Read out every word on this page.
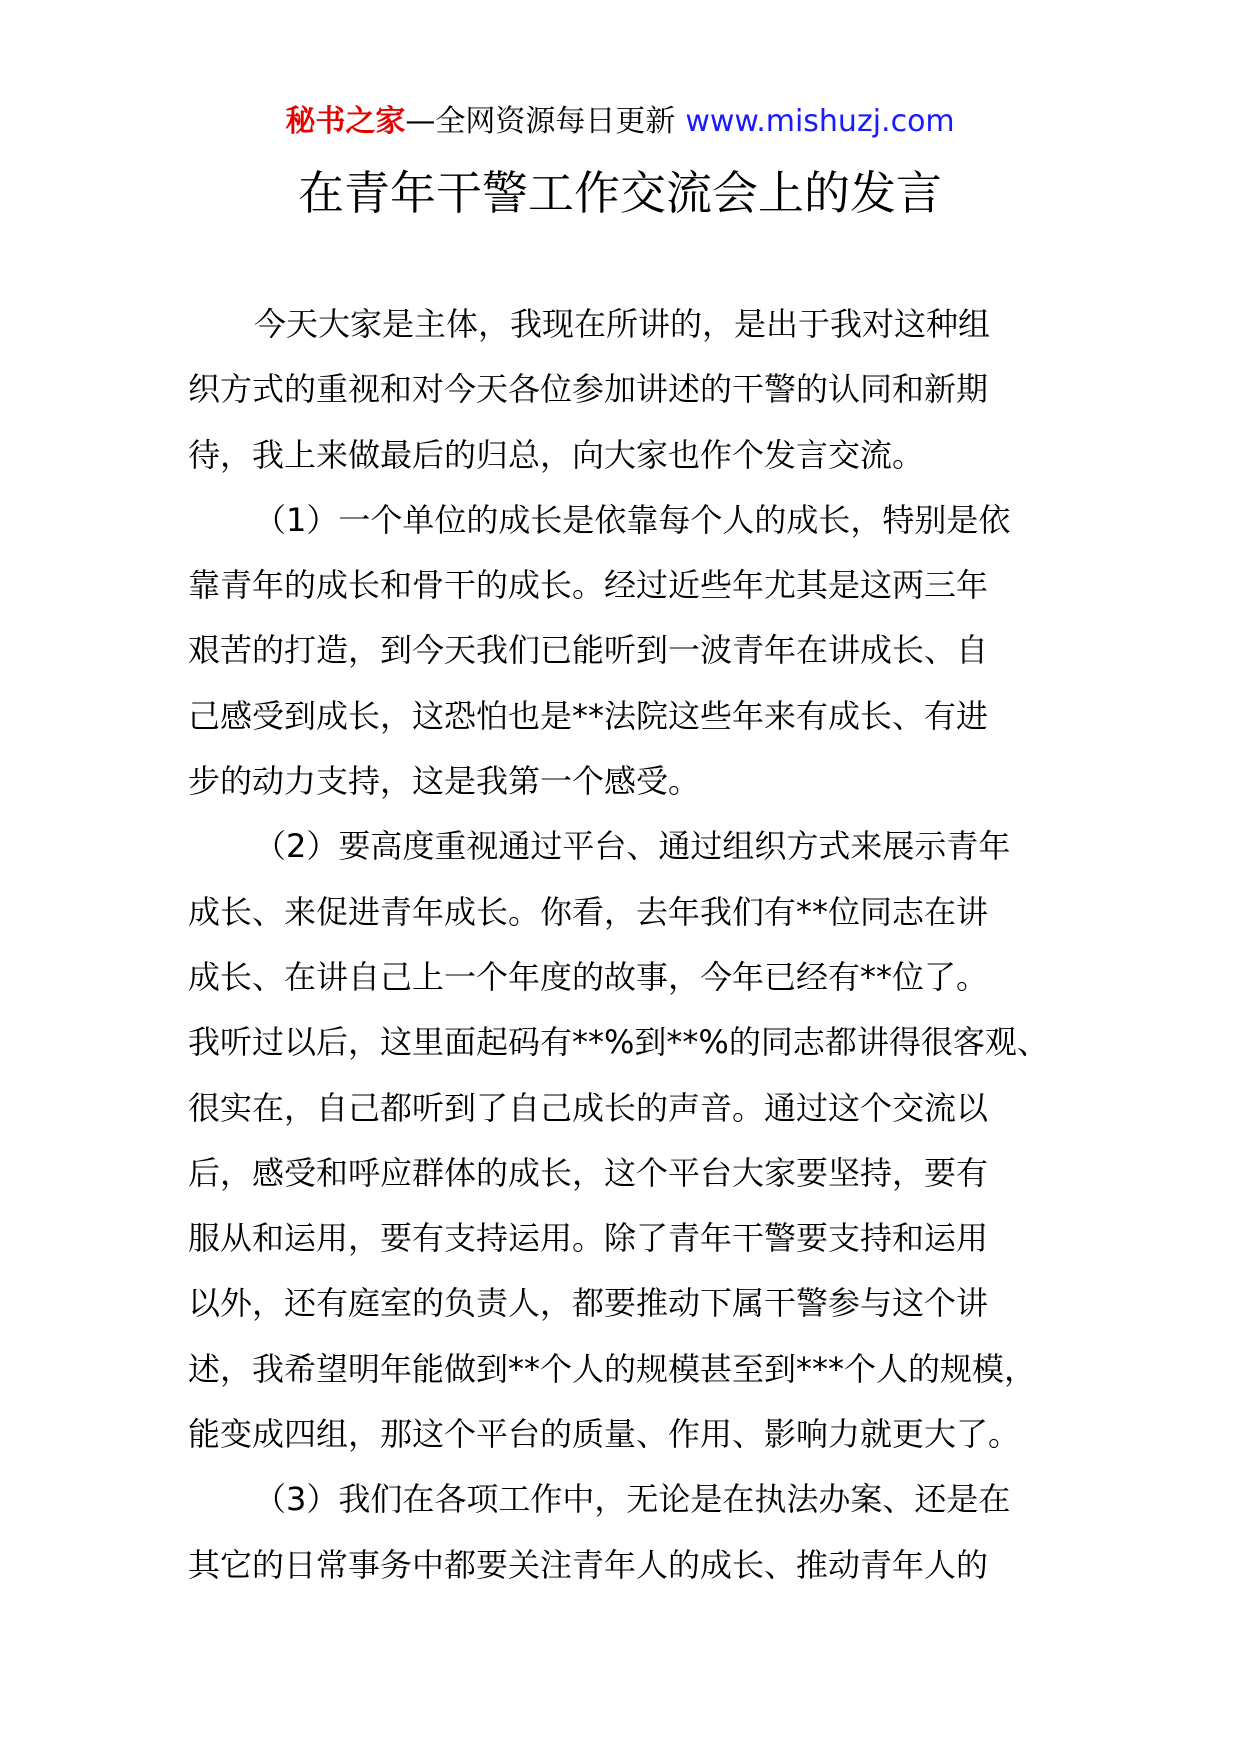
秘书之家—全网资源每日更新 www.mishuzj.com
在青年干警工作交流会上的发言

今天大家是主体，我现在所讲的，是出于我对这种组
织方式的重视和对今天各位参加讲述的干警的认同和新期
待，我上来做最后的归总，向大家也作个发言交流。

（1）一个单位的成长是依靠每个人的成长，特别是依
靠青年的成长和骨干的成长。经过近些年尤其是这两三年
艰苦的打造，到今天我们已能听到一波青年在讲成长、自
己感受到成长，这恐怕也是**法院这些年来有成长、有进
步的动力支持，这是我第一个感受。

（2）要高度重视通过平台、通过组织方式来展示青年
成长、来促进青年成长。你看，去年我们有**位同志在讲
成长、在讲自己上一个年度的故事，今年已经有**位了。
我听过以后，这里面起码有**%到**%的同志都讲得很客观、
很实在，自己都听到了自己成长的声音。通过这个交流以
后，感受和呼应群体的成长，这个平台大家要坚持，要有
服从和运用，要有支持运用。除了青年干警要支持和运用
以外，还有庭室的负责人，都要推动下属干警参与这个讲
述，我希望明年能做到**个人的规模甚至到***个人的规模，
能变成四组，那这个平台的质量、作用、影响力就更大了。

（3）我们在各项工作中，无论是在执法办案、还是在
其它的日常事务中都要关注青年人的成长、推动青年人的
